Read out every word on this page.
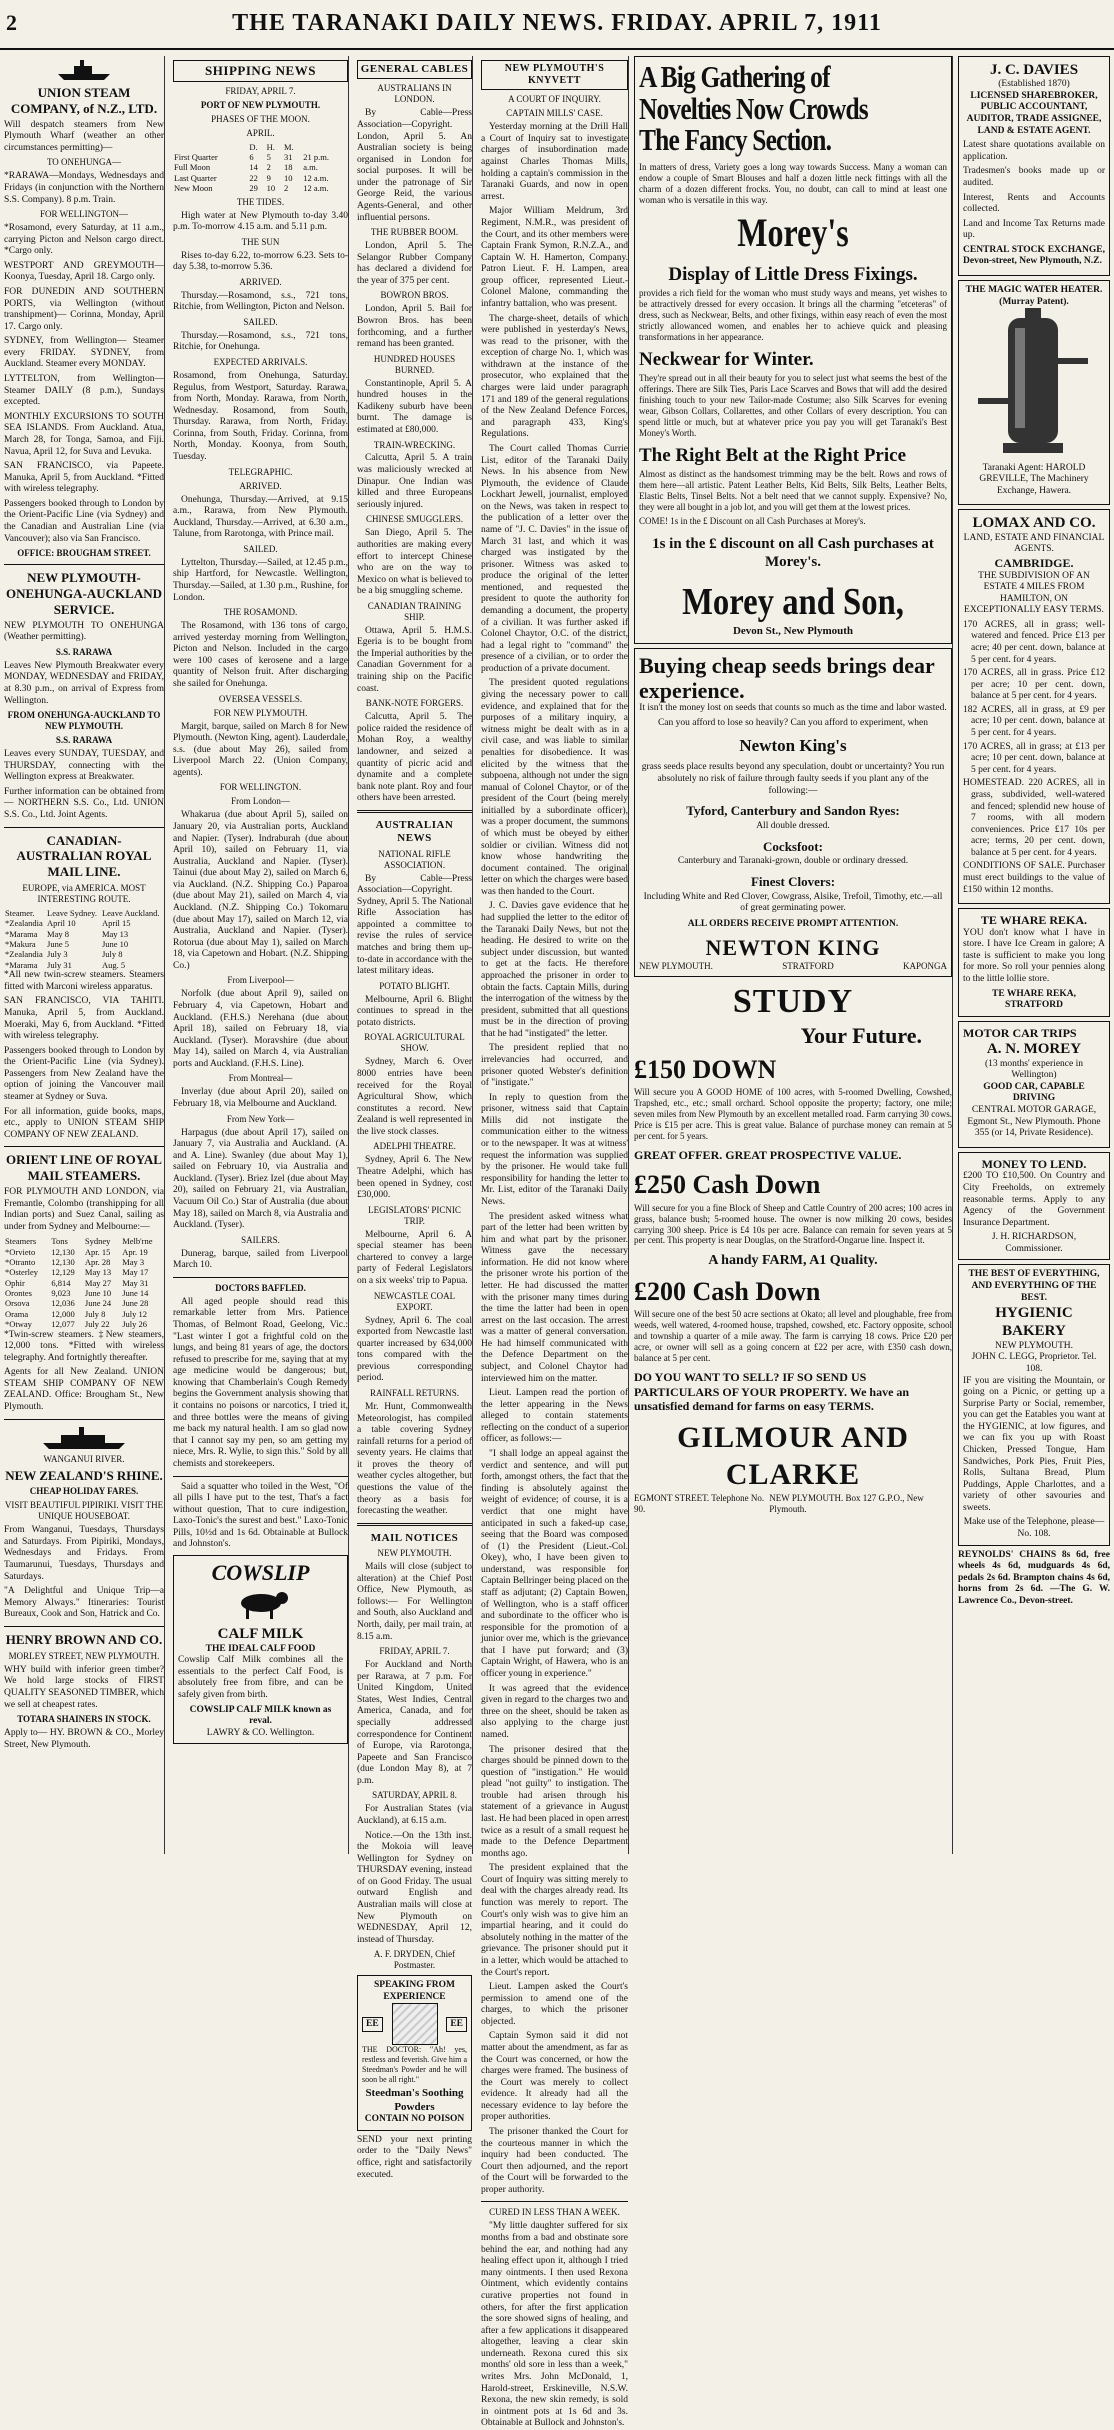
2	THE TARANAKI DAILY NEWS. FRIDAY. APRIL 7, 1911
UNION STEAM COMPANY, of N.Z., LTD.

Will despatch steamers from New Plymouth Wharf (weather an other circumstances permitting)—

TO ONEHUNGA—

*RARAWA—Mondays, Wednesdays and Fridays (in conjunction with the Northern S.S. Company). 8 p.m. Train.

FOR WELLINGTON—

*Rosamond, every Saturday, at 11 a.m., carrying Picton and Nelson cargo direct. *Cargo only.

WESTPORT AND GREYMOUTH— Koonya, Tuesday, April 18. Cargo only.

FOR DUNEDIN AND SOUTHERN PORTS, via Wellington (without transhipment)— Corinna, Monday, April 17. Cargo only.

SYDNEY, from Wellington— Steamer every FRIDAY. SYDNEY, from Auckland. Steamer every MONDAY.

LYTTELTON, from Wellington— Steamer DAILY (8 p.m.), Sundays excepted.

MONTHLY EXCURSIONS TO SOUTH SEA ISLANDS. From Auckland. Atua, March 28, for Tonga, Samoa, and Fiji. Navua, April 12, for Suva and Levuka.

SAN FRANCISCO, via Papeete. Manuka, April 5, from Auckland. *Fitted with wireless telegraphy.

Passengers booked through to London by the Orient-Pacific Line (via Sydney) and the Canadian and Australian Line (via Vancouver); also via San Francisco.

OFFICE: BROUGHAM STREET.
NEW PLYMOUTH-ONEHUNGA-AUCKLAND SERVICE.

NEW PLYMOUTH TO ONEHUNGA (Weather permitting).

S.S. RARAWA

Leaves New Plymouth Breakwater every MONDAY, WEDNESDAY and FRIDAY, at 8.30 p.m., on arrival of Express from Wellington.

FROM ONEHUNGA-AUCKLAND TO NEW PLYMOUTH.
S.S. RARAWA

Leaves every SUNDAY, TUESDAY, and THURSDAY, connecting with the Wellington express at Breakwater.

Further information can be obtained from— NORTHERN S.S. Co., Ltd. UNION S.S. Co., Ltd. Joint Agents.

CANADIAN-AUSTRALIAN ROYAL MAIL LINE.
EUROPE, via AMERICA. MOST INTERESTING ROUTE.
Steamer.	Leave Sydney.	Leave Auckland.
*Zealandia	April 10	April 15
*Marama	May 8	May 13
*Makura	June 5	June 10
*Zealandia	July 3	July 8
*Marama	July 31	Aug. 5

*All new twin-screw steamers. Steamers fitted with Marconi wireless apparatus.

SAN FRANCISCO, VIA TAHITI. Manuka, April 5, from Auckland. Moeraki, May 6, from Auckland. *Fitted with wireless telegraphy.

Passengers booked through to London by the Orient-Pacific Line (via Sydney). Passengers from New Zealand have the option of joining the Vancouver mail steamer at Sydney or Suva.

For all information, guide books, maps, etc., apply to UNION STEAM SHIP COMPANY OF NEW ZEALAND.

ORIENT LINE OF ROYAL MAIL STEAMERS.

FOR PLYMOUTH AND LONDON, via Fremantle, Colombo (transhipping for all Indian ports) and Suez Canal, sailing as under from Sydney and Melbourne:—

Steamers	Tons	Sydney	Melb'rne
*Orvieto	12,130	Apr. 15	Apr. 19
*Otranto	12,130	Apr. 28	May 3
*Osterley	12,129	May 13	May 17
Ophir	6,814	May 27	May 31
Orontes	9,023	June 10	June 14
Orsova	12,036	June 24	June 28
Orama	12,000	July 8	July 12
*Otway	12,077	July 22	July 26

*Twin-screw steamers. ‡New steamers, 12,000 tons. *Fitted with wireless telegraphy. And fortnightly thereafter.

Agents for all New Zealand. UNION STEAM SHIP COMPANY OF NEW ZEALAND. Office: Brougham St., New Plymouth.

WANGANUI RIVER.
NEW ZEALAND'S RHINE.
CHEAP HOLIDAY FARES.
VISIT BEAUTIFUL PIPIRIKI. VISIT THE UNIQUE HOUSEBOAT.

From Wanganui, Tuesdays, Thursdays and Saturdays. From Pipiriki, Mondays, Wednesdays and Fridays. From Taumarunui, Tuesdays, Thursdays and Saturdays.

"A Delightful and Unique Trip—a Memory Always." Itineraries: Tourist Bureaux, Cook and Son, Hatrick and Co.

HENRY BROWN AND CO.
MORLEY STREET, NEW PLYMOUTH.

WHY build with inferior green timber? We hold large stocks of FIRST QUALITY SEASONED TIMBER, which we sell at cheapest rates.

TOTARA SHAINERS IN STOCK.

Apply to— HY. BROWN & CO., Morley Street, New Plymouth.

SHIPPING NEWS
FRIDAY, APRIL 7.
PORT OF NEW PLYMOUTH.
PHASES OF THE MOON.
APRIL.
	D.	H.	M.	
First Quarter	6	5	31	21 p.m.
Full Moon	14	2	18	a.m.
Last Quarter	22	9	10	12 a.m.
New Moon	29	10	2	12 a.m.
THE TIDES.

High water at New Plymouth to-day 3.40 p.m. To-morrow 4.15 a.m. and 5.11 p.m.

THE SUN

Rises to-day 6.22, to-morrow 6.23. Sets to-day 5.38, to-morrow 5.36.

ARRIVED.

Thursday.—Rosamond, s.s., 721 tons, Ritchie, from Wellington, Picton and Nelson.

SAILED.

Thursday.—Rosamond, s.s., 721 tons, Ritchie, for Onehunga.

EXPECTED ARRIVALS.

Rosamond, from Onehunga, Saturday. Regulus, from Westport, Saturday. Rarawa, from North, Monday. Rarawa, from North, Wednesday. Rosamond, from South, Thursday. Rarawa, from North, Friday. Corinna, from South, Friday. Corinna, from North, Monday. Koonya, from South, Tuesday.

TELEGRAPHIC.
ARRIVED.

Onehunga, Thursday.—Arrived, at 9.15 a.m., Rarawa, from New Plymouth. Auckland, Thursday.—Arrived, at 6.30 a.m., Talune, from Rarotonga, with Prince mail.

SAILED.

Lyttelton, Thursday.—Sailed, at 12.45 p.m., ship Hartford, for Newcastle. Wellington, Thursday.—Sailed, at 1.30 p.m., Rushine, for London.

THE ROSAMOND.

The Rosamond, with 136 tons of cargo, arrived yesterday morning from Wellington, Picton and Nelson. Included in the cargo were 100 cases of kerosene and a large quantity of Nelson fruit. After discharging she sailed for Onehunga.

OVERSEA VESSELS.
FOR NEW PLYMOUTH.

Margit, barque, sailed on March 8 for New Plymouth. (Newton King, agent). Lauderdale, s.s. (due about May 26), sailed from Liverpool March 22. (Union Company, agents).

FOR WELLINGTON.
From London—

Whakarua (due about April 5), sailed on January 20, via Australian ports, Auckland and Napier. (Tyser). Indraburah (due about April 10), sailed on February 11, via Australia, Auckland and Napier. (Tyser). Tainui (due about May 2), sailed on March 6, via Auckland. (N.Z. Shipping Co.) Paparoa (due about May 21), sailed on March 4, via Auckland. (N.Z. Shipping Co.) Tokomaru (due about May 17), sailed on March 12, via Australia, Auckland and Napier. (Tyser). Rotorua (due about May 1), sailed on March 18, via Capetown and Hobart. (N.Z. Shipping Co.)

From Liverpool—

Norfolk (due about April 9), sailed on February 4, via Capetown, Hobart and Auckland. (F.H.S.) Nerehana (due about April 18), sailed on February 18, via Auckland. (Tyser). Moravshire (due about May 14), sailed on March 4, via Australian ports and Auckland. (F.H.S. Line).

From Montreal—

Inverlay (due about April 20), sailed on February 18, via Melbourne and Auckland.

From New York—

Harpagus (due about April 17), sailed on January 7, via Australia and Auckland. (A. and A. Line). Swanley (due about May 1), sailed on February 10, via Australia and Auckland. (Tyser). Briez Izel (due about May 20), sailed on February 21, via Australian, Vacuum Oil Co.) Star of Australia (due about May 18), sailed on March 8, via Australia and Auckland. (Tyser).

SAILERS.

Dunerag, barque, sailed from Liverpool March 10.

DOCTORS BAFFLED.

All aged people should read this remarkable letter from Mrs. Patience Thomas, of Belmont Road, Geelong, Vic.: "Last winter I got a frightful cold on the lungs, and being 81 years of age, the doctors refused to prescribe for me, saying that at my age medicine would be dangerous; but, knowing that Chamberlain's Cough Remedy begins the Government analysis showing that it contains no poisons or narcotics, I tried it, and three bottles were the means of giving me back my natural health. I am so glad now that I cannot say my pen, so am getting my niece, Mrs. R. Wylie, to sign this." Sold by all chemists and storekeepers.

Said a squatter who toiled in the West, "Of all pills I have put to the test, That's a fact without question, That to cure indigestion, Laxo-Tonic's the surest and best." Laxo-Tonic Pills, 10½d and 1s 6d. Obtainable at Bullock and Johnston's.

COWSLIP
CALF MILK
THE IDEAL CALF FOOD

Cowslip Calf Milk combines all the essentials to the perfect Calf Food, is absolutely free from fibre, and can be safely given from birth.

COWSLIP CALF MILK known as reval.
LAWRY & CO. Wellington.
GENERAL CABLES
AUSTRALIANS IN LONDON.

By Cable—Press Association—Copyright. London, April 5. An Australian society is being organised in London for social purposes. It will be under the patronage of Sir George Reid, the various Agents-General, and other influential persons.

THE RUBBER BOOM.

London, April 5. The Selangor Rubber Company has declared a dividend for the year of 375 per cent.

BOWRON BROS.

London, April 5. Bail for Bowron Bros. has been forthcoming, and a further remand has been granted.

HUNDRED HOUSES BURNED.

Constantinople, April 5. A hundred houses in the Kadikeny suburb have been burnt. The damage is estimated at £80,000.

TRAIN-WRECKING.

Calcutta, April 5. A train was maliciously wrecked at Dinapur. One Indian was killed and three Europeans seriously injured.

CHINESE SMUGGLERS.

San Diego, April 5. The authorities are making every effort to intercept Chinese who are on the way to Mexico on what is believed to be a big smuggling scheme.

CANADIAN TRAINING SHIP.

Ottawa, April 5. H.M.S. Egeria is to be bought from the Imperial authorities by the Canadian Government for a training ship on the Pacific coast.

BANK-NOTE FORGERS.

Calcutta, April 5. The police raided the residence of Mohan Roy, a wealthy landowner, and seized a quantity of picric acid and dynamite and a complete bank note plant. Roy and four others have been arrested.

AUSTRALIAN NEWS
NATIONAL RIFLE ASSOCIATION.

By Cable—Press Association—Copyright. Sydney, April 5. The National Rifle Association has appointed a committee to revise the rules of service matches and bring them up-to-date in accordance with the latest military ideas.

POTATO BLIGHT.

Melbourne, April 6. Blight continues to spread in the potato districts.

ROYAL AGRICULTURAL SHOW.

Sydney, March 6. Over 8000 entries have been received for the Royal Agricultural Show, which constitutes a record. New Zealand is well represented in the live stock classes.

ADELPHI THEATRE.

Sydney, April 6. The New Theatre Adelphi, which has been opened in Sydney, cost £30,000.

LEGISLATORS' PICNIC TRIP.

Melbourne, April 6. A special steamer has been chartered to convey a large party of Federal Legislators on a six weeks' trip to Papua.

NEWCASTLE COAL EXPORT.

Sydney, April 6. The coal exported from Newcastle last quarter increased by 634,000 tons compared with the previous corresponding period.

RAINFALL RETURNS.

Mr. Hunt, Commonwealth Meteorologist, has compiled a table covering Sydney rainfall returns for a period of seventy years. He claims that it proves the theory of weather cycles altogether, but questions the value of the theory as a basis for forecasting the weather.

MAIL NOTICES
NEW PLYMOUTH.

Mails will close (subject to alteration) at the Chief Post Office, New Plymouth, as follows:— For Wellington and South, also Auckland and North, daily, per mail train, at 8.15 a.m.

FRIDAY, APRIL 7.

For Auckland and North per Rarawa, at 7 p.m. For United Kingdom, United States, West Indies, Central America, Canada, and for specially addressed correspondence for Continent of Europe, via Rarotonga, Papeete and San Francisco (due London May 8), at 7 p.m.

SATURDAY, APRIL 8.

For Australian States (via Auckland), at 6.15 a.m.

Notice.—On the 13th inst. the Mokoia will leave Wellington for Sydney on THURSDAY evening, instead of on Good Friday. The usual outward English and Australian mails will close at New Plymouth on WEDNESDAY, April 12, instead of Thursday.

A. F. DRYDEN, Chief Postmaster.
SPEAKING FROM EXPERIENCE
EE	EE

THE DOCTOR: "Ah! yes, restless and feverish. Give him a Steedman's Powder and he will soon be all right."

Steedman's Soothing Powders
CONTAIN NO POISON

SEND your next printing order to the "Daily News" office, right and satisfactorily executed.

NEW PLYMOUTH'S KNYVETT
A COURT OF INQUIRY.
CAPTAIN MILLS' CASE.

Yesterday morning at the Drill Hall a Court of Inquiry sat to investigate charges of insubordination made against Charles Thomas Mills, holding a captain's commission in the Taranaki Guards, and now in open arrest.

Major William Meldrum, 3rd Regiment, N.M.R., was president of the Court, and its other members were Captain Frank Symon, R.N.Z.A., and Captain W. H. Hamerton, Company. Patron Lieut. F. H. Lampen, area group officer, represented Lieut.-Colonel Malone, commanding the infantry battalion, who was present.

The charge-sheet, details of which were published in yesterday's News, was read to the prisoner, with the exception of charge No. 1, which was withdrawn at the instance of the prosecutor, who explained that the charges were laid under paragraph 171 and 189 of the general regulations of the New Zealand Defence Forces, and paragraph 433, King's Regulations.

The Court called Thomas Currie List, editor of the Taranaki Daily News. In his absence from New Plymouth, the evidence of Claude Lockhart Jewell, journalist, employed on the News, was taken in respect to the publication of a letter over the name of "J. C. Davies" in the issue of March 31 last, and which it was charged was instigated by the prisoner. Witness was asked to produce the original of the letter mentioned, and requested the president to quote the authority for demanding a document, the property of a civilian. It was further asked if Colonel Chaytor, O.C. of the district, had a legal right to "command" the presence of a civilian, or to order the production of a private document.

The president quoted regulations giving the necessary power to call evidence, and explained that for the purposes of a military inquiry, a witness might be dealt with as in a civil case, and was liable to similar penalties for disobedience. It was elicited by the witness that the subpoena, although not under the sign manual of Colonel Chaytor, or of the president of the Court (being merely initialled by a subordinate officer), was a proper document, the summons of which must be obeyed by either soldier or civilian. Witness did not know whose handwriting the document contained. The original letter on which the charges were based was then handed to the Court.

J. C. Davies gave evidence that he had supplied the letter to the editor of the Taranaki Daily News, but not the heading. He desired to write on the subject under discussion, but wanted to get at the facts. He therefore approached the prisoner in order to obtain the facts. Captain Mills, during the interrogation of the witness by the president, submitted that all questions must be in the direction of proving that he had "instigated" the letter.

The president replied that no irrelevancies had occurred, and prisoner quoted Webster's definition of "instigate."

In reply to question from the prisoner, witness said that Captain Mills did not instigate the communication either to the witness or to the newspaper. It was at witness' request the information was supplied by the prisoner. He would take full responsibility for handing the letter to Mr. List, editor of the Taranaki Daily News.

The president asked witness what part of the letter had been written by him and what part by the prisoner. Witness gave the necessary information. He did not know where the prisoner wrote his portion of the letter. He had discussed the matter with the prisoner many times during the time the latter had been in open arrest on the last occasion. The arrest was a matter of general conversation. He had himself communicated with the Defence Department on the subject, and Colonel Chaytor had interviewed him on the matter.

Lieut. Lampen read the portion of the letter appearing in the News alleged to contain statements reflecting on the conduct of a superior officer, as follows:—

"I shall lodge an appeal against the verdict and sentence, and will put forth, amongst others, the fact that the finding is absolutely against the weight of evidence; of course, it is a verdict that one might have anticipated in such a faked-up case, seeing that the Board was composed of (1) the President (Lieut.-Col. Okey), who, I have been given to understand, was responsible for Captain Bellringer being placed on the staff as adjutant; (2) Captain Bowen, of Wellington, who is a staff officer and subordinate to the officer who is responsible for the promotion of a junior over me, which is the grievance that I have put forward; and (3) Captain Wright, of Hawera, who is an officer young in experience."

It was agreed that the evidence given in regard to the charges two and three on the sheet, should be taken as also applying to the charge just named.

The prisoner desired that the charges should be pinned down to the question of "instigation." He would plead "not guilty" to instigation. The trouble had arisen through his statement of a grievance in August last. He had been placed in open arrest twice as a result of a small request he made to the Defence Department months ago.

The president explained that the Court of Inquiry was sitting merely to deal with the charges already read. Its function was merely to report. The Court's only wish was to give him an impartial hearing, and it could do absolutely nothing in the matter of the grievance. The prisoner should put it in a letter, which would be attached to the Court's report.

Lieut. Lampen asked the Court's permission to amend one of the charges, to which the prisoner objected.

Captain Symon said it did not matter about the amendment, as far as the Court was concerned, or how the charges were framed. The business of the Court was merely to collect evidence. It already had all the necessary evidence to lay before the proper authorities.

The prisoner thanked the Court for the courteous manner in which the inquiry had been conducted. The Court then adjourned, and the report of the Court will be forwarded to the proper authority.

CURED IN LESS THAN A WEEK.

"My little daughter suffered for six months from a bad and obstinate sore behind the ear, and nothing had any healing effect upon it, although I tried many ointments. I then used Rexona Ointment, which evidently contains curative properties not found in others, for after the first application the sore showed signs of healing, and after a few applications it disappeared altogether, leaving a clear skin underneath. Rexona cured this six months' old sore in less than a week," writes Mrs. John McDonald, 1, Harold-street, Erskineville, N.S.W. Rexona, the new skin remedy, is sold in ointment pots at 1s 6d and 3s. Obtainable at Bullock and Johnston's.

A Big Gathering of Novelties Now Crowds The Fancy Section.

In matters of dress, Variety goes a long way towards Success. Many a woman can endow a couple of Smart Blouses and half a dozen little neck fittings with all the charm of a dozen different frocks. You, no doubt, can call to mind at least one woman who is versatile in this way.

Morey's
Display of Little Dress Fixings.

provides a rich field for the woman who must study ways and means, yet wishes to be attractively dressed for every occasion. It brings all the charming "etceteras" of dress, such as Neckwear, Belts, and other fixings, within easy reach of even the most strictly allowanced women, and enables her to achieve quick and pleasing transformations in her appearance.

Neckwear for Winter.

They're spread out in all their beauty for you to select just what seems the best of the offerings. There are Silk Ties, Paris Lace Scarves and Bows that will add the desired finishing touch to your new Tailor-made Costume; also Silk Scarves for evening wear, Gibson Collars, Collarettes, and other Collars of every description. You can spend little or much, but at whatever price you pay you will get Taranaki's Best Money's Worth.

The Right Belt at the Right Price

Almost as distinct as the handsomest trimming may be the belt. Rows and rows of them here—all artistic. Patent Leather Belts, Kid Belts, Silk Belts, Leather Belts, Elastic Belts, Tinsel Belts. Not a belt need that we cannot supply. Expensive? No, they were all bought in a job lot, and you will get them at the lowest prices.

COME! 1s in the £ Discount on all Cash Purchases at Morey's.

1s in the £ discount on all Cash purchases at Morey's.
Morey and Son,
Devon St., New Plymouth
Buying cheap seeds brings dear experience.

It isn't the money lost on seeds that counts so much as the time and labor wasted.

Can you afford to lose so heavily? Can you afford to experiment, when

Newton King's

grass seeds place results beyond any speculation, doubt or uncertainty? You run absolutely no risk of failure through faulty seeds if you plant any of the following:—

Tyford, Canterbury and Sandon Ryes:

All double dressed.

Cocksfoot:

Canterbury and Taranaki-grown, double or ordinary dressed.

Finest Clovers:

Including White and Red Clover, Cowgrass, Alsike, Trefoil, Timothy, etc.—all of great germinating power.

ALL ORDERS RECEIVE PROMPT ATTENTION.
NEWTON KING
NEW PLYMOUTH.	STRATFORD	KAPONGA
STUDY
Your Future.
£150 DOWN

Will secure you A GOOD HOME of 100 acres, with 5-roomed Dwelling, Cowshed, Trapshed, etc., etc.; small orchard. School opposite the property; factory, one mile; seven miles from New Plymouth by an excellent metalled road. Farm carrying 30 cows. Price is £15 per acre. This is great value. Balance of purchase money can remain at 5 per cent. for 5 years.

GREAT OFFER. GREAT PROSPECTIVE VALUE.
£250 Cash Down

Will secure for you a fine Block of Sheep and Cattle Country of 200 acres; 100 acres in grass, balance bush; 5-roomed house. The owner is now milking 20 cows, besides carrying 300 sheep. Price is £4 10s per acre. Balance can remain for seven years at 5 per cent. This property is near Douglas, on the Stratford-Ongarue line. Inspect it.

A handy FARM, A1 Quality.
£200 Cash Down

Will secure one of the best 50 acre sections at Okato; all level and ploughable, free from weeds, well watered, 4-roomed house, trapshed, cowshed, etc. Factory opposite, school and township a quarter of a mile away. The farm is carrying 18 cows. Price £20 per acre, or owner will sell as a going concern at £22 per acre, with £350 cash down, balance at 5 per cent.

DO YOU WANT TO SELL? IF SO SEND US PARTICULARS OF YOUR PROPERTY. We have an unsatisfied demand for farms on easy TERMS.
GILMOUR AND CLARKE
EGMONT STREET. Telephone No. 90.
NEW PLYMOUTH. Box 127 G.P.O., New Plymouth.
J. C. DAVIES
(Established 1870)

LICENSED SHAREBROKER, PUBLIC ACCOUNTANT, AUDITOR, TRADE ASSIGNEE, LAND & ESTATE AGENT.

Latest share quotations available on application.

Tradesmen's books made up or audited.

Interest, Rents and Accounts collected.

Land and Income Tax Returns made up.

CENTRAL STOCK EXCHANGE, Devon-street, New Plymouth, N.Z.

THE MAGIC WATER HEATER. (Murray Patent).

Taranaki Agent: HAROLD GREVILLE, The Machinery Exchange, Hawera.

LOMAX AND CO.
LAND, ESTATE AND FINANCIAL AGENTS.
CAMBRIDGE.

THE SUBDIVISION OF AN ESTATE 4 MILES FROM HAMILTON, ON EXCEPTIONALLY EASY TERMS.

170 ACRES, all in grass; well-watered and fenced. Price £13 per acre; 40 per cent. down, balance at 5 per cent. for 4 years.

170 ACRES, all in grass. Price £12 per acre; 10 per cent. down, balance at 5 per cent. for 4 years.

182 ACRES, all in grass, at £9 per acre; 10 per cent. down, balance at 5 per cent. for 4 years.

170 ACRES, all in grass; at £13 per acre; 10 per cent. down, balance at 5 per cent. for 4 years.

HOMESTEAD. 220 ACRES, all in grass, subdivided, well-watered and fenced; splendid new house of 7 rooms, with all modern conveniences. Price £17 10s per acre; terms, 20 per cent. down, balance at 5 per cent. for 4 years.

CONDITIONS OF SALE. Purchaser must erect buildings to the value of £150 within 12 months.

TE WHARE REKA.

YOU don't know what I have in store. I have Ice Cream in galore; A taste is sufficient to make you long for more. So roll your pennies along to the little lollie store.

TE WHARE REKA, STRATFORD
MOTOR CAR TRIPS
A. N. MOREY
(13 months' experience in Wellington)
GOOD CAR, CAPABLE DRIVING

CENTRAL MOTOR GARAGE, Egmont St., New Plymouth. Phone 355 (or 14, Private Residence).

MONEY TO LEND.

£200 TO £10,500. On Country and City Freeholds, on extremely reasonable terms. Apply to any Agency of the Government Insurance Department.

J. H. RICHARDSON, Commissioner.
THE BEST OF EVERYTHING, AND EVERYTHING OF THE BEST.
HYGIENIC BAKERY
NEW PLYMOUTH.
JOHN C. LEGG, Proprietor. Tel. 108.

IF you are visiting the Mountain, or going on a Picnic, or getting up a Surprise Party or Social, remember, you can get the Eatables you want at the HYGIENIC, at low figures, and we can fix you up with Roast Chicken, Pressed Tongue, Ham Sandwiches, Pork Pies, Fruit Pies, Rolls, Sultana Bread, Plum Puddings, Apple Charlottes, and a variety of other savouries and sweets.

Make use of the Telephone, please—No. 108.

REYNOLDS' CHAINS 8s 6d, free wheels 4s 6d, mudguards 4s 6d, pedals 2s 6d. Brampton chains 4s 6d, horns from 2s 6d. —The G. W. Lawrence Co., Devon-street.
